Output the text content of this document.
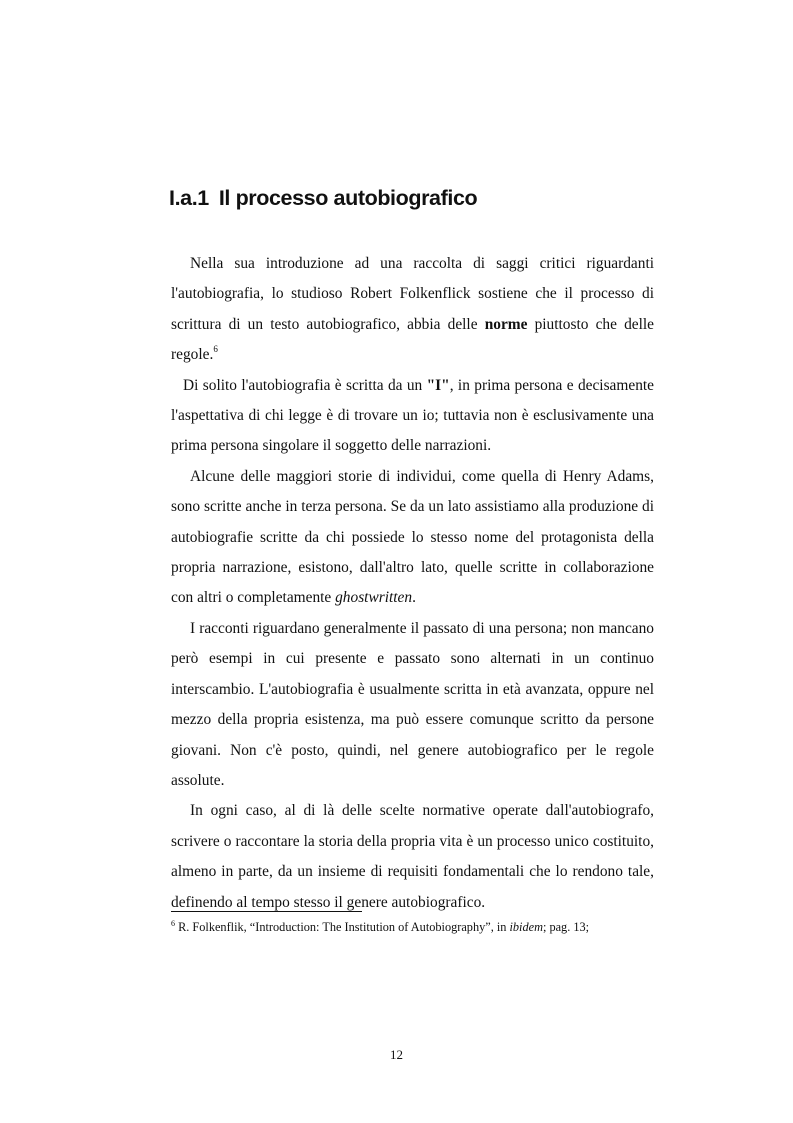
I.a.1 Il processo autobiografico

Nella sua introduzione ad una raccolta di saggi critici riguardanti l'autobiografia, lo studioso Robert Folkenflick sostiene che il processo di scrittura di un testo autobiografico, abbia delle norme piuttosto che delle regole.$^6$

Di solito l'autobiografia è scritta da un "I", in prima persona e decisamente l'aspettativa di chi legge è di trovare un io; tuttavia non è esclusivamente una prima persona singolare il soggetto delle narrazioni.

Alcune delle maggiori storie di individui, come quella di Henry Adams, sono scritte anche in terza persona. Se da un lato assistiamo alla produzione di autobiografie scritte da chi possiede lo stesso nome del protagonista della propria narrazione, esistono, dall'altro lato, quelle scritte in collaborazione con altri o completamente ghostwritten.

I racconti riguardano generalmente il passato di una persona; non mancano però esempi in cui presente e passato sono alternati in un continuo interscambio. L'autobiografia è usualmente scritta in età avanzata, oppure nel mezzo della propria esistenza, ma può essere comunque scritto da persone giovani. Non c'è posto, quindi, nel genere autobiografico per le regole assolute.

In ogni caso, al di là delle scelte normative operate dall'autobiografo, scrivere o raccontare la storia della propria vita è un processo unico costituito, almeno in parte, da un insieme di requisiti fondamentali che lo rendono tale, definendo al tempo stesso il genere autobiografico.

$^6$ R. Folkenflik, “Introduction: The Institution of Autobiography”, in ibidem; pag. 13;

12
